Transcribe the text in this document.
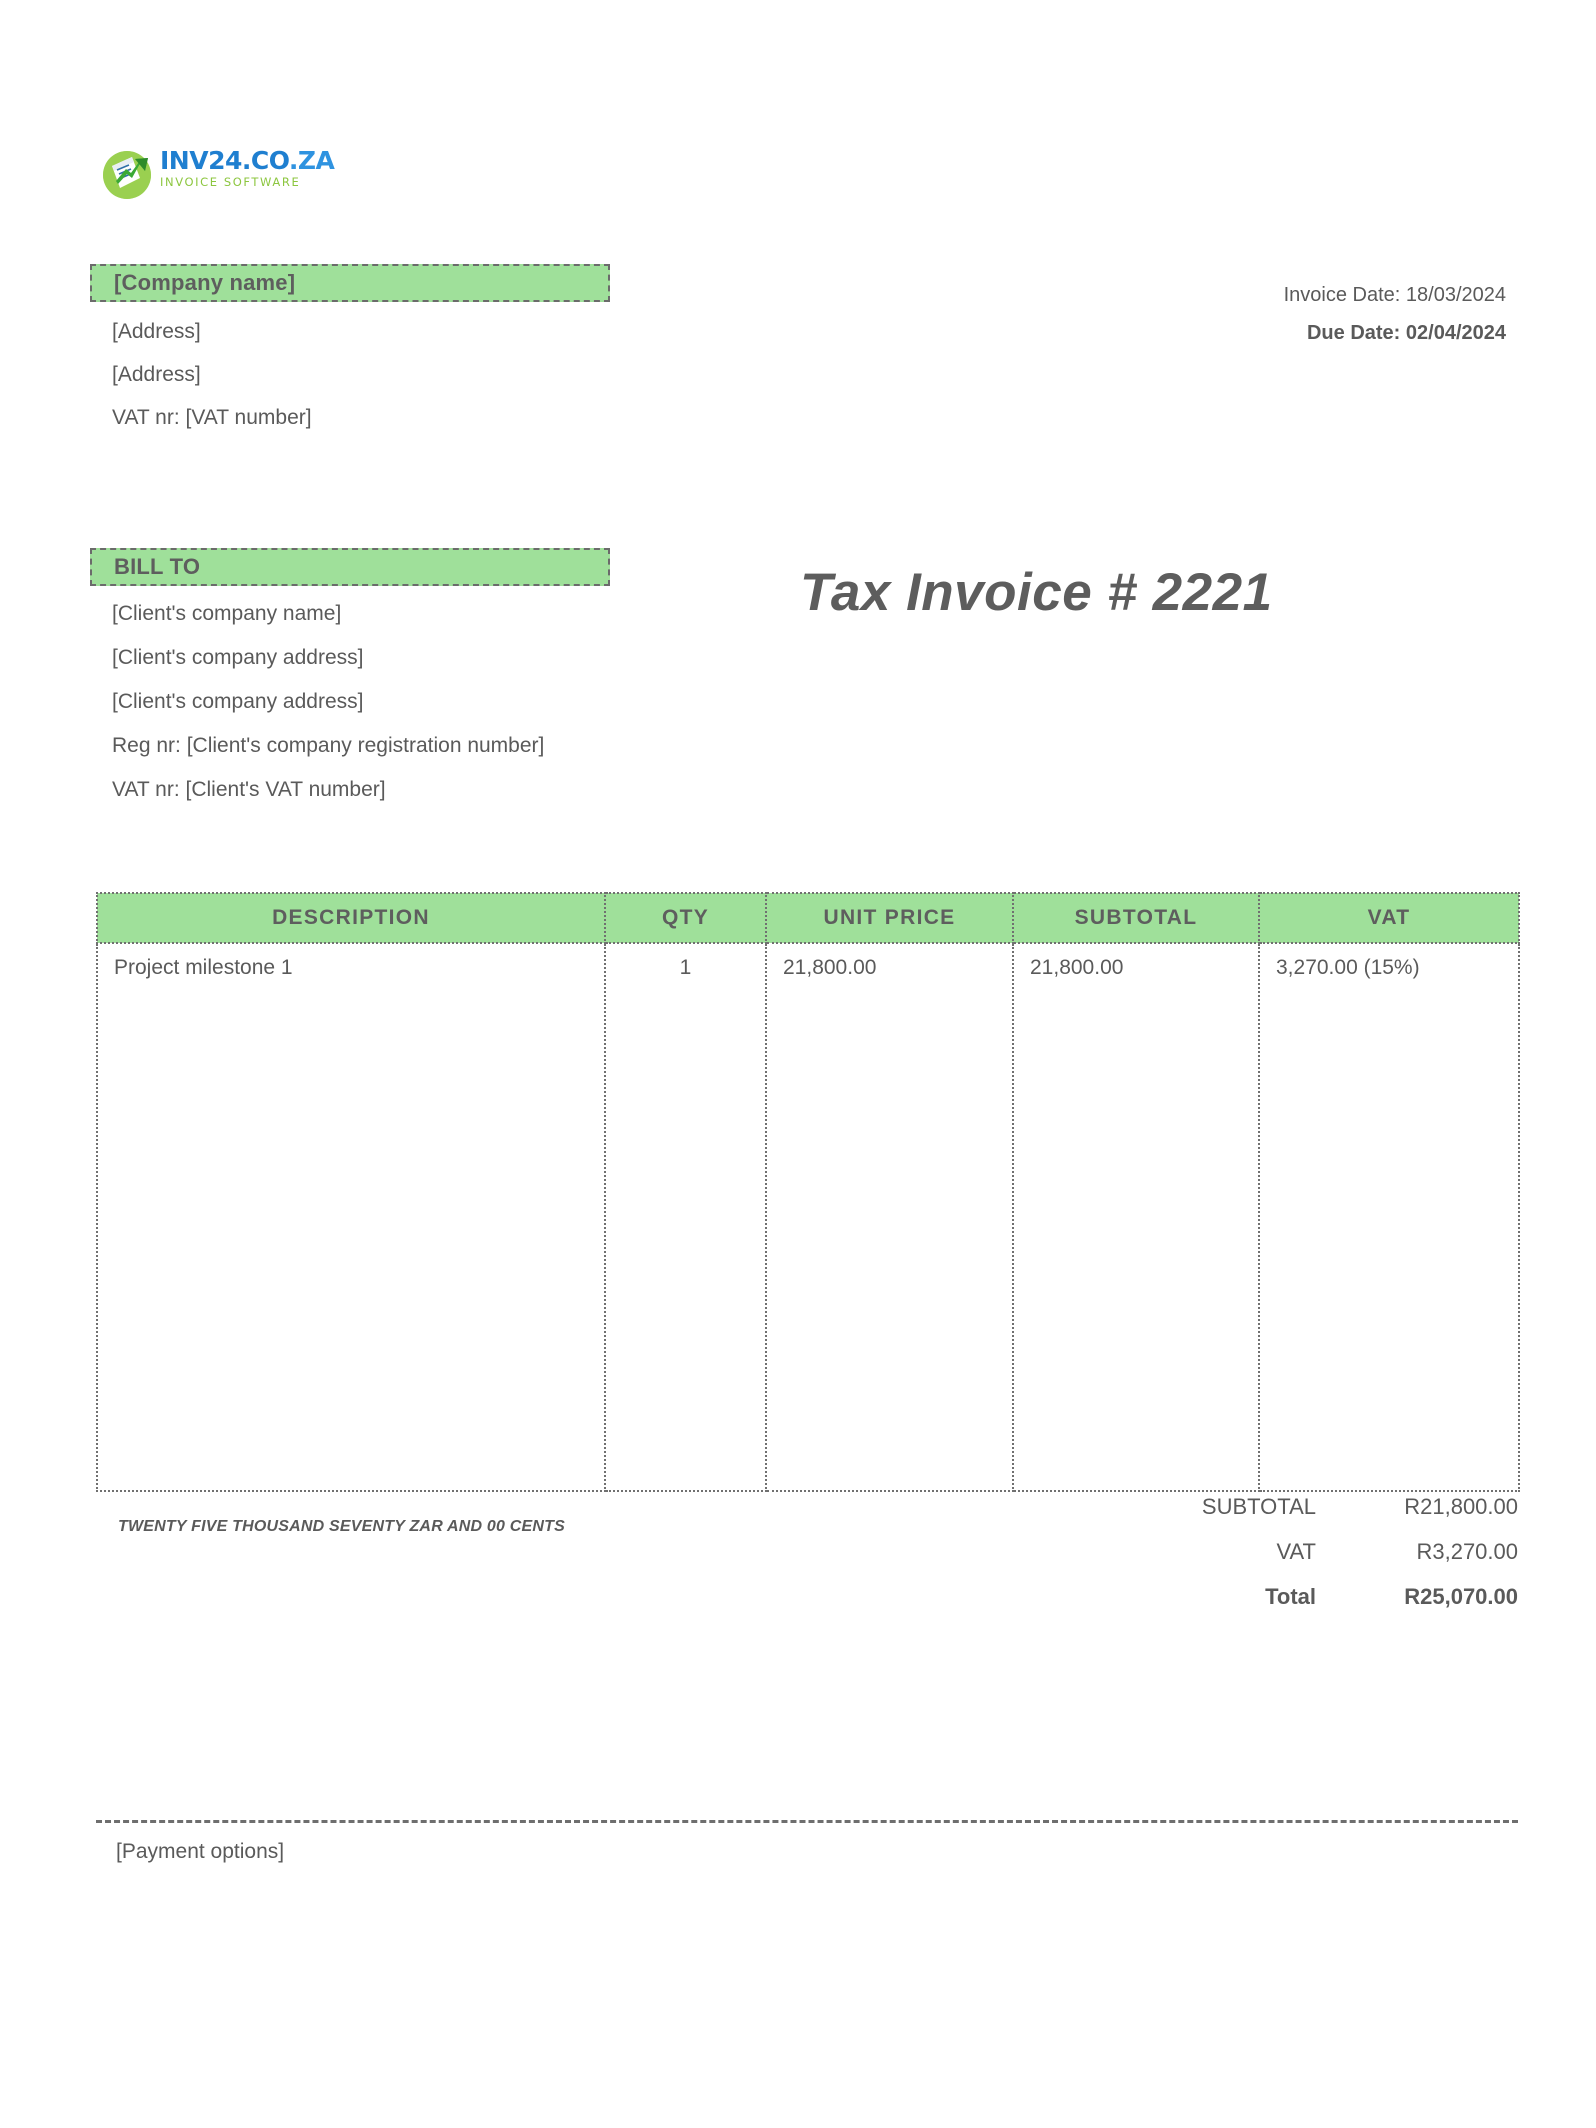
INV24.CO.ZA
INVOICE SOFTWARE
[Company name]
[Address]
[Address]
VAT nr: [VAT number]
Invoice Date: 18/03/2024
Due Date: 02/04/2024
BILL TO
[Client's company name]
[Client's company address]
[Client's company address]
Reg nr: [Client's company registration number]
VAT nr: [Client's VAT number]
Tax Invoice # 2221
DESCRIPTION	QTY	UNIT PRICE	SUBTOTAL	VAT
Project milestone 1	1	21,800.00	21,800.00	3,270.00 (15%)
TWENTY FIVE THOUSAND SEVENTY ZAR AND 00 CENTS
SUBTOTAL	R21,800.00
VAT	R3,270.00
Total	R25,070.00
[Payment options]
